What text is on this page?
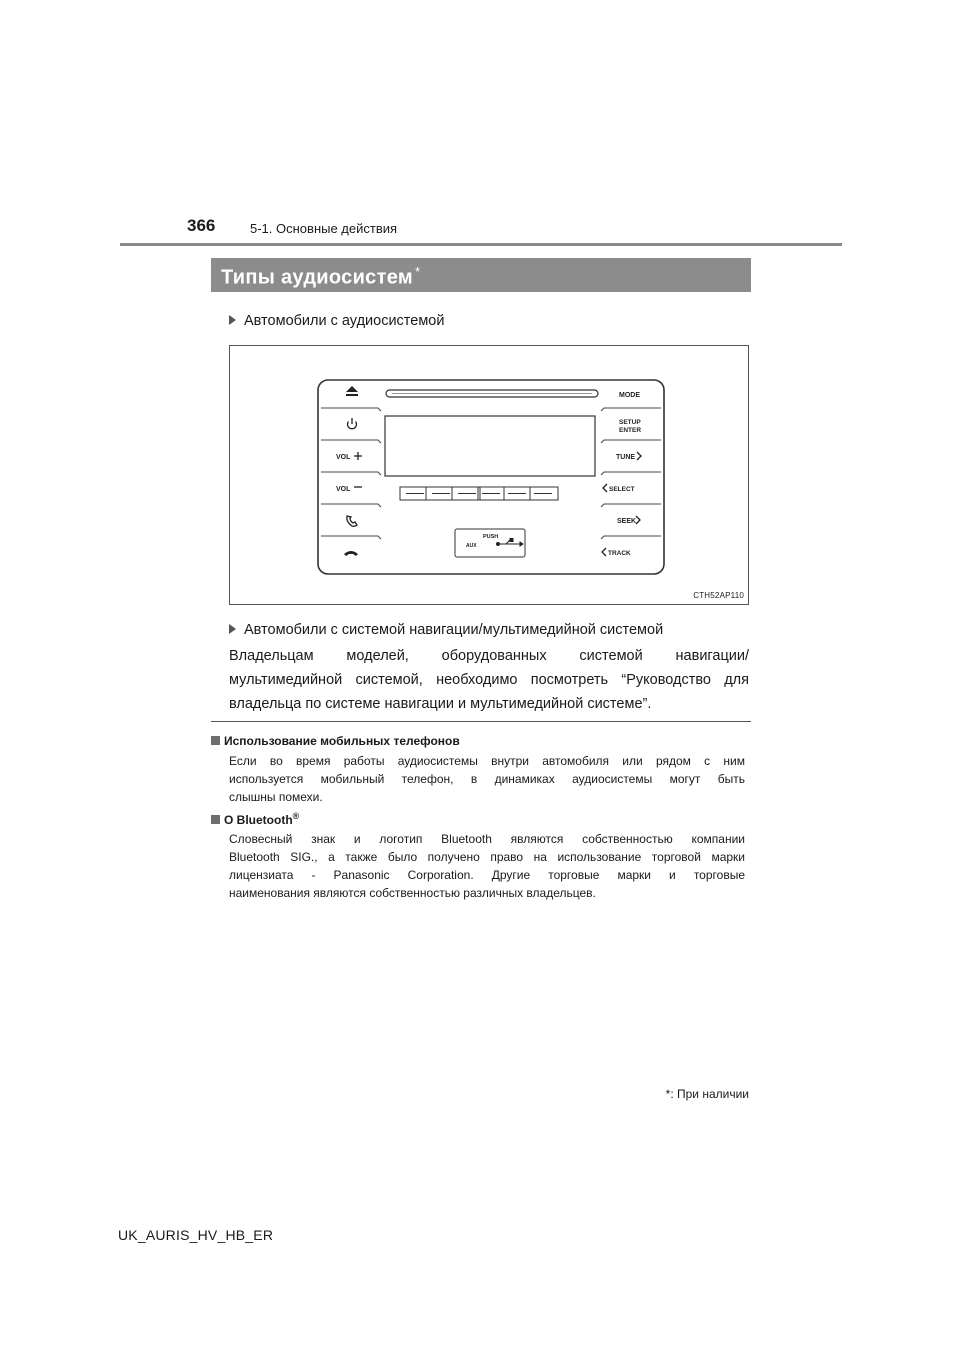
366	5-1. Основные действия
Типы аудиосистем *
Автомобили с аудиосистемой
VOL
VOL
PUSH
AUX
MODE
SETUP
ENTER
TUNE
SELECT
SEEK
TRACK
CTH52AP110
Автомобили с системой навигации/мультимедийной системой
Владельцам моделей, оборудованных системой навигации/
мультимедийной системой, необходимо посмотреть “Руководство для
владельца по системе навигации и мультимедийной системе”.
Использование мобильных телефонов
Если во время работы аудиосистемы внутри автомобиля или рядом с ним
используется мобильный телефон, в динамиках аудиосистемы могут быть
слышны помехи.
О Bluetooth®
Словесный знак и логотип Bluetooth являются собственностью компании
Bluetooth SIG., а также было получено право на использование торговой марки
лицензиата - Panasonic Corporation. Другие торговые марки и торговые
наименования являются собственностью различных владельцев.
*: При наличии
UK_AURIS_HV_HB_ER
